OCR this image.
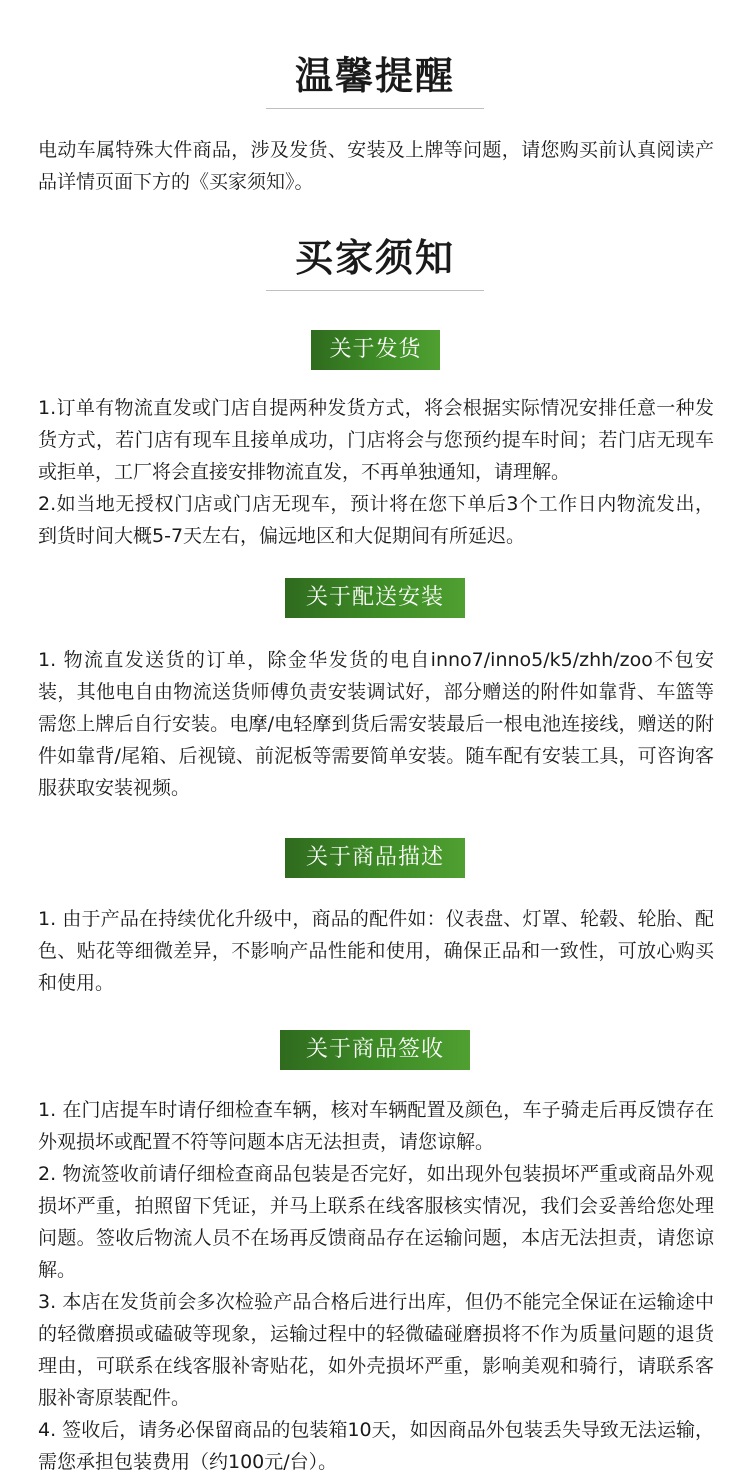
温馨提醒

电动车属特殊大件商品，涉及发货、安装及上牌等问题，请您购买前认真阅读产品详情页面下方的《买家须知》。

买家须知
关于发货

1.订单有物流直发或门店自提两种发货方式，将会根据实际情况安排任意一种发货方式，若门店有现车且接单成功，门店将会与您预约提车时间；若门店无现车或拒单，工厂将会直接安排物流直发，不再单独通知，请理解。

2.如当地无授权门店或门店无现车，预计将在您下单后3个工作日内物流发出，到货时间大概5-7天左右，偏远地区和大促期间有所延迟。

关于配送安装

1. 物流直发送货的订单，除金华发货的电自inno7/inno5/k5/zhh/zoo不包安装，其他电自由物流送货师傅负责安装调试好，部分赠送的附件如靠背、车篮等需您上牌后自行安装。电摩/电轻摩到货后需安装最后一根电池连接线，赠送的附件如靠背/尾箱、后视镜、前泥板等需要简单安装。随车配有安装工具，可咨询客服获取安装视频。

关于商品描述

1. 由于产品在持续优化升级中，商品的配件如：仪表盘、灯罩、轮毂、轮胎、配色、贴花等细微差异，不影响产品性能和使用，确保正品和一致性，可放心购买和使用。

关于商品签收

1. 在门店提车时请仔细检查车辆，核对车辆配置及颜色，车子骑走后再反馈存在外观损坏或配置不符等问题本店无法担责，请您谅解。

2. 物流签收前请仔细检查商品包装是否完好，如出现外包装损坏严重或商品外观损坏严重，拍照留下凭证，并马上联系在线客服核实情况，我们会妥善给您处理问题。签收后物流人员不在场再反馈商品存在运输问题，本店无法担责，请您谅解。

3. 本店在发货前会多次检验产品合格后进行出库，但仍不能完全保证在运输途中的轻微磨损或磕破等现象，运输过程中的轻微磕碰磨损将不作为质量问题的退货理由，可联系在线客服补寄贴花，如外壳损坏严重，影响美观和骑行，请联系客服补寄原装配件。

4. 签收后，请务必保留商品的包装箱10天，如因商品外包装丢失导致无法运输，需您承担包装费用（约100元/台）。
